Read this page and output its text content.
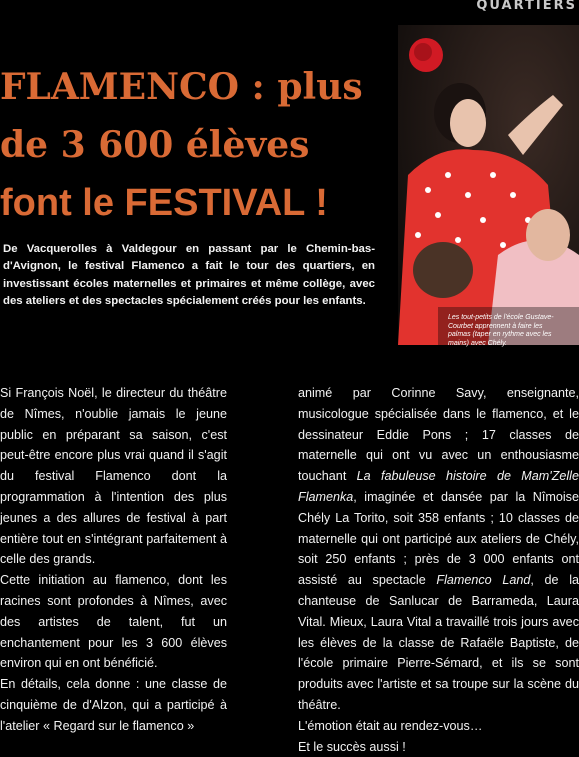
QUARTIERS
FLAMENCO : plus
de 3 600 élèves
font le FESTIVAL !
De Vacquerolles à Valdegour en passant par le Chemin-bas-d'Avignon, le festival Flamenco a fait le tour des quartiers, en investissant écoles maternelles et primaires et même collège, avec des ateliers et des spectacles spécialement créés pour les enfants.
Les tout-petits de l'école Gustave-Courbet apprennent à faire les palmas (taper en rythme avec les mains) avec Chély.

Si François Noël, le directeur du théâtre de Nîmes, n'oublie jamais le jeune public en préparant sa saison, c'est peut-être encore plus vrai quand il s'agit du festival Flamenco dont la programmation à l'intention des plus jeunes a des allures de festival à part entière tout en s'intégrant parfaitement à celle des grands.

Cette initiation au flamenco, dont les racines sont profondes à Nîmes, avec des artistes de talent, fut un enchantement pour les 3 600 élèves environ qui en ont bénéficié.

En détails, cela donne : une classe de cinquième de d'Alzon, qui a participé à l'atelier « Regard sur le flamenco »

animé par Corinne Savy, enseignante, musicologue spécialisée dans le flamenco, et le dessinateur Eddie Pons ; 17 classes de maternelle qui ont vu avec un enthousiasme touchant La fabuleuse histoire de Mam'Zelle Flamenka, imaginée et dansée par la Nîmoise Chély La Torito, soit 358 enfants ; 10 classes de maternelle qui ont participé aux ateliers de Chély, soit 250 enfants ; près de 3 000 enfants ont assisté au spectacle Flamenco Land, de la chanteuse de Sanlucar de Barrameda, Laura Vital. Mieux, Laura Vital a travaillé trois jours avec les élèves de la classe de Rafaële Baptiste, de l'école primaire Pierre-Sémard, et ils se sont produits avec l'artiste et sa troupe sur la scène du théâtre.

L'émotion était au rendez-vous…

Et le succès aussi !
